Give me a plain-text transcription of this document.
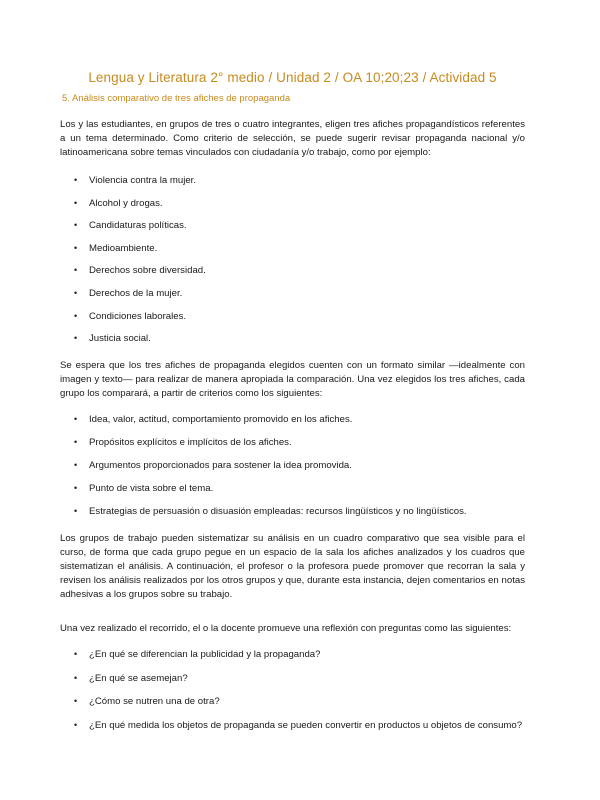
Lengua y Literatura 2° medio / Unidad 2 / OA 10;20;23 / Actividad 5
5. Análisis comparativo de tres afiches de propaganda

Los y las estudiantes, en grupos de tres o cuatro integrantes, eligen tres afiches propagandísticos referentes a un tema determinado. Como criterio de selección, se puede sugerir revisar propaganda nacional y/o latinoamericana sobre temas vinculados con ciudadanía y/o trabajo, como por ejemplo:

• Violencia contra la mujer.
• Alcohol y drogas.
• Candidaturas políticas.
• Medioambiente.
• Derechos sobre diversidad.
• Derechos de la mujer.
• Condiciones laborales.
• Justicia social.

Se espera que los tres afiches de propaganda elegidos cuenten con un formato similar —idealmente con imagen y texto— para realizar de manera apropiada la comparación. Una vez elegidos los tres afiches, cada grupo los comparará, a partir de criterios como los siguientes:

• Idea, valor, actitud, comportamiento promovido en los afiches.
• Propósitos explícitos e implícitos de los afiches.
• Argumentos proporcionados para sostener la idea promovida.
• Punto de vista sobre el tema.
• Estrategias de persuasión o disuasión empleadas: recursos lingüísticos y no lingüísticos.

Los grupos de trabajo pueden sistematizar su análisis en un cuadro comparativo que sea visible para el curso, de forma que cada grupo pegue en un espacio de la sala los afiches analizados y los cuadros que sistematizan el análisis. A continuación, el profesor o la profesora puede promover que recorran la sala y revisen los análisis realizados por los otros grupos y que, durante esta instancia, dejen comentarios en notas adhesivas a los grupos sobre su trabajo.

Una vez realizado el recorrido, el o la docente promueve una reflexión con preguntas como las siguientes:

• ¿En qué se diferencian la publicidad y la propaganda?
• ¿En qué se asemejan?
• ¿Cómo se nutren una de otra?
• ¿En qué medida los objetos de propaganda se pueden convertir en productos u objetos de consumo?
